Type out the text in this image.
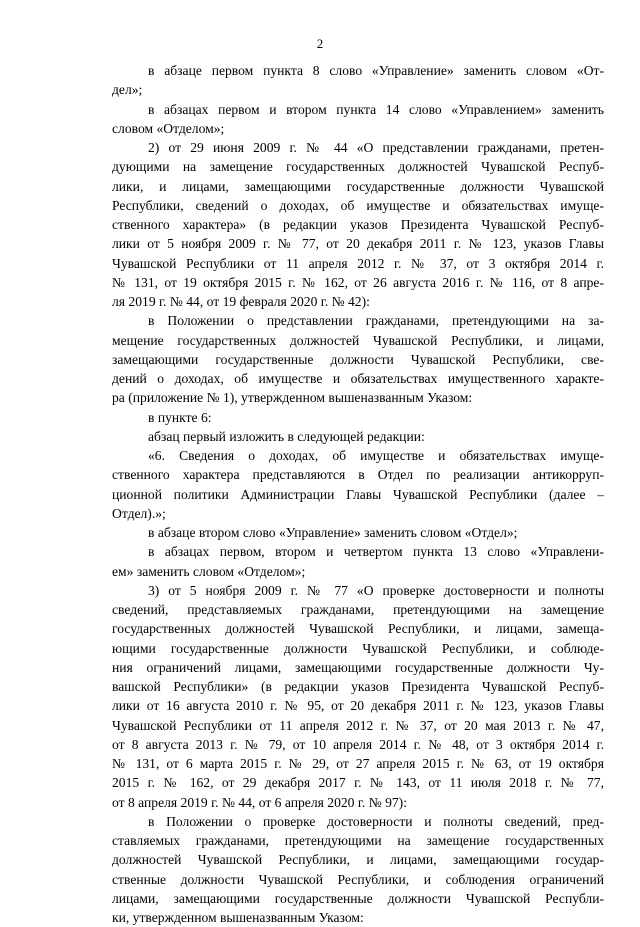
2
в абзаце первом пункта 8 слово «Управление» заменить словом «От-
дел»;
в абзацах первом и втором пункта 14 слово «Управлением» заменить
словом «Отделом»;
2) от 29 июня 2009 г. № 44 «О представлении гражданами, претен-
дующими на замещение государственных должностей Чувашской Респуб-
лики, и лицами, замещающими государственные должности Чувашской
Республики, сведений о доходах, об имуществе и обязательствах имуще-
ственного характера» (в редакции указов Президента Чувашской Респуб-
лики от 5 ноября 2009 г. № 77, от 20 декабря 2011 г. № 123, указов Главы
Чувашской Республики от 11 апреля 2012 г. № 37, от 3 октября 2014 г.
№ 131, от 19 октября 2015 г. № 162, от 26 августа 2016 г. № 116, от 8 апре-
ля 2019 г. № 44, от 19 февраля 2020 г. № 42):
в Положении о представлении гражданами, претендующими на за-
мещение государственных должностей Чувашской Республики, и лицами,
замещающими государственные должности Чувашской Республики, све-
дений о доходах, об имуществе и обязательствах имущественного характе-
ра (приложение № 1), утвержденном вышеназванным Указом:
в пункте 6:
абзац первый изложить в следующей редакции:
«6. Сведения о доходах, об имуществе и обязательствах имуще-
ственного характера представляются в Отдел по реализации антикорруп-
ционной политики Администрации Главы Чувашской Республики (далее –
Отдел).»;
в абзаце втором слово «Управление» заменить словом «Отдел»;
в абзацах первом, втором и четвертом пункта 13 слово «Управлени-
ем» заменить словом «Отделом»;
3) от 5 ноября 2009 г. № 77 «О проверке достоверности и полноты
сведений, представляемых гражданами, претендующими на замещение
государственных должностей Чувашской Республики, и лицами, замеща-
ющими государственные должности Чувашской Республики, и соблюде-
ния ограничений лицами, замещающими государственные должности Чу-
вашской Республики» (в редакции указов Президента Чувашской Респуб-
лики от 16 августа 2010 г. № 95, от 20 декабря 2011 г. № 123, указов Главы
Чувашской Республики от 11 апреля 2012 г. № 37, от 20 мая 2013 г. № 47,
от 8 августа 2013 г. № 79, от 10 апреля 2014 г. № 48, от 3 октября 2014 г.
№ 131, от 6 марта 2015 г. № 29, от 27 апреля 2015 г. № 63, от 19 октября
2015 г. № 162, от 29 декабря 2017 г. № 143, от 11 июля 2018 г. № 77,
от 8 апреля 2019 г. № 44, от 6 апреля 2020 г. № 97):
в Положении о проверке достоверности и полноты сведений, пред-
ставляемых гражданами, претендующими на замещение государственных
должностей Чувашской Республики, и лицами, замещающими государ-
ственные должности Чувашской Республики, и соблюдения ограничений
лицами, замещающими государственные должности Чувашской Республи-
ки, утвержденном вышеназванным Указом:
